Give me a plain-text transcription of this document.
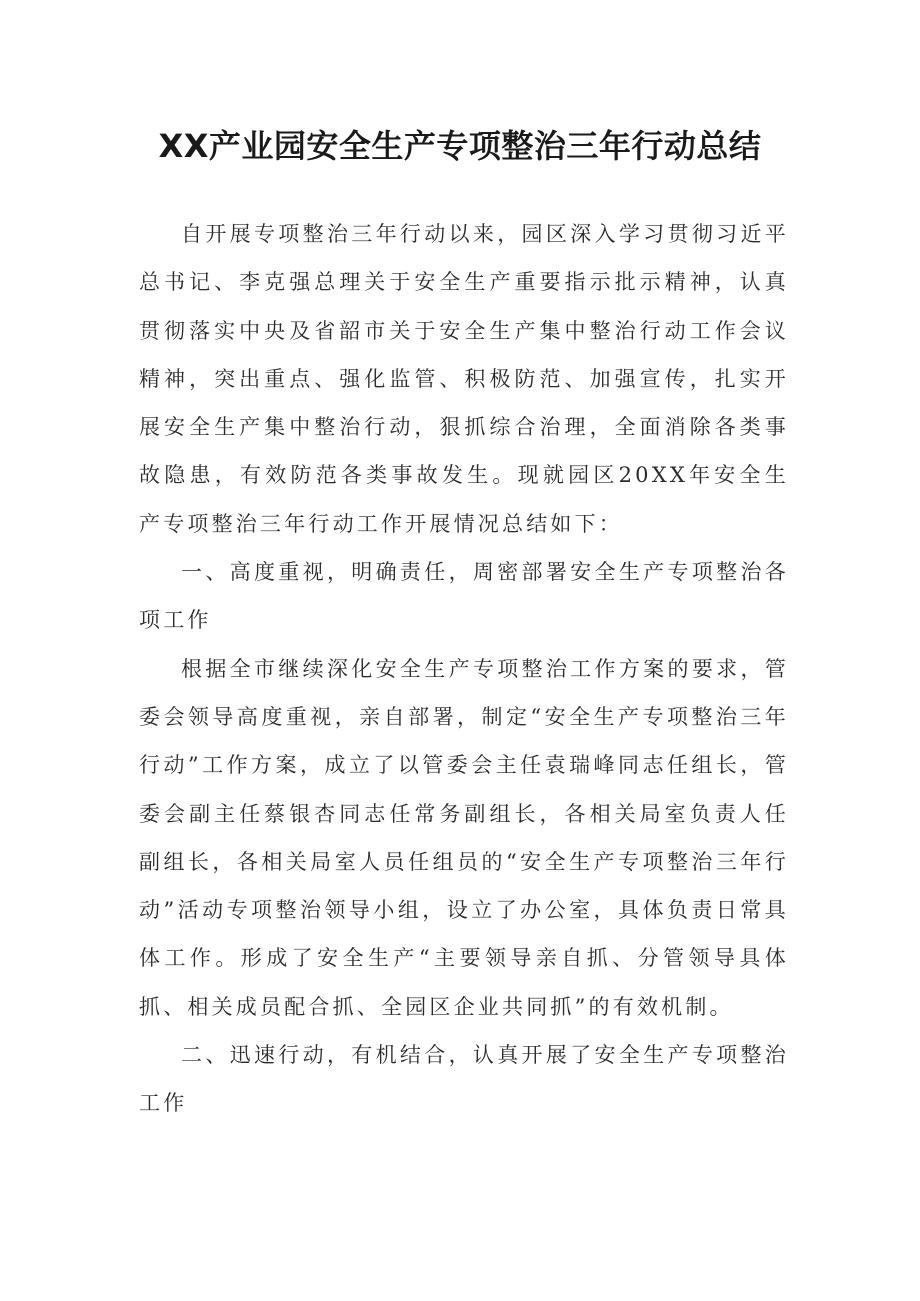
XX产业园安全生产专项整治三年行动总结

自开展专项整治三年行动以来，园区深入学习贯彻习近平总书记、李克强总理关于安全生产重要指示批示精神，认真贯彻落实中央及省韶市关于安全生产集中整治行动工作会议精神，突出重点、强化监管、积极防范、加强宣传，扎实开展安全生产集中整治行动，狠抓综合治理，全面消除各类事故隐患，有效防范各类事故发生。现就园区20XX年安全生产专项整治三年行动工作开展情况总结如下：

一、高度重视，明确责任，周密部署安全生产专项整治各项工作

根据全市继续深化安全生产专项整治工作方案的要求，管委会领导高度重视，亲自部署，制定“安全生产专项整治三年行动”工作方案，成立了以管委会主任袁瑞峰同志任组长，管委会副主任蔡银杏同志任常务副组长，各相关局室负责人任副组长，各相关局室人员任组员的“安全生产专项整治三年行动”活动专项整治领导小组，设立了办公室，具体负责日常具体工作。形成了安全生产“主要领导亲自抓、分管领导具体抓、相关成员配合抓、全园区企业共同抓”的有效机制。

二、迅速行动，有机结合，认真开展了安全生产专项整治工作
